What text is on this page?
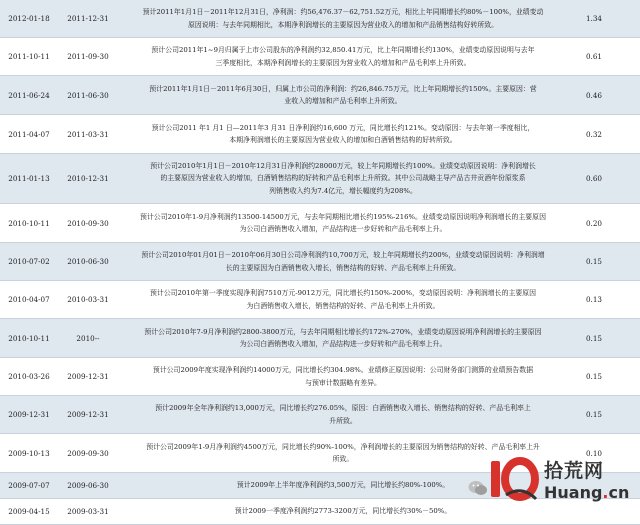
2012-01-18 2011-12-31
预计2011年1月1日－2011年12月31日，净利润：约56,476.37－62,751.52万元，相比上年同期增长约80%－100%，业绩变动
原因说明：与去年同期相比，本期净利润增长的主要原因为营业收入的增加和产品销售结构好转所致。
1.34
2011-10-11 2011-09-30
预计公司2011年1~9月归属于上市公司股东的净利润约32,850.41万元，比上年同期增长约130%，业绩变动原因说明与去年
三季度相比，本期净利润增长的主要原因为营业收入的增加和产品毛利率上升所致。
0.61
2011-06-24 2011-06-30
预计2011年1月1日－2011年6月30日，归属上市公司的净利润：约26,846.75万元，比上年同期增长约150%。主要原因：营
业收入的增加和产品毛利率上升所致。
0.46
2011-04-07 2011-03-31
预计公司2011 年1 月1 日—2011年3 月31 日净利润约16,600 万元，同比增长约121%。变动原因：与去年第一季度相比，
本期净利润增长的主要原因为营业收入的增加和白酒销售结构的好转所致。
0.32
2011-01-13 2010-12-31
预计公司2010年1月1日－2010年12月31日净利润约28000万元，较上年同期增长约100%。业绩变动原因说明：净利润增长
的主要原因为营业收入的增加，白酒销售结构的好转和产品毛利率上升所致。其中公司战略主导产品古井贡酒年份原浆系
列销售收入约为7.4亿元，增长幅度约为208%。
0.60
2010-10-11 2010-09-30
预计公司2010年1-9月净利润约13500-14500万元，与去年同期相比增长约195%-216%。业绩变动原因说明净利润增长的主要原因
为公司白酒销售收入增加，产品结构进一步好转和产品毛利率上升。
0.20
2010-07-02 2010-06-30
预计公司2010年01月01日－2010年06月30日公司净利润约10,700万元，较上年同期增长约200%，业绩变动原因说明：净利润增
长的主要原因为白酒销售收入增长，销售结构的好转、产品毛利率上升所致。
0.15
2010-04-07 2010-03-31
预计公司2010年第一季度实现净利润7510万元-9012万元，同比增长约150%-200%，变动原因说明：净利润增长的主要原因
为白酒销售收入增长，销售结构的好转、产品毛利率上升所致。
0.13
2010-10-11	2010--
预计公司2010年7-9月净利润约2800-3800万元，与去年同期相比增长约172%-270%，业绩变动原因说明净利润增长的主要原因
为公司白酒销售收入增加，产品结构进一步好转和产品毛利率上升。
0.15
2010-03-26 2009-12-31
预计公司2009年度实现净利润约14000万元，同比增长约304.98%。业绩修正原因说明：公司财务部门测算的业绩预告数据
与预审计数据略有差异。
0.15
2009-12-31 2009-12-31
预计2009年全年净利润约13,000万元，同比增长约276.05%，原因：白酒销售收入增长、销售结构的好转、产品毛利率上
升所致。
0.15
2009-10-13 2009-09-30
预计公司2009年1-9月净利润约4500万元，同比增长约90%-100%，净利润增长的主要原因为销售结构的好转、产品毛利率上升
所致。
0.10
2009-07-07 2009-06-30	预计2009年上半年度净利润约3,500万元，同比增长约80%-100%。
2009-04-15 2009-03-31	预计2009一季度净利润约2773-3200万元，同比增长约30%－50%。
拾荒网
Huang.cn
